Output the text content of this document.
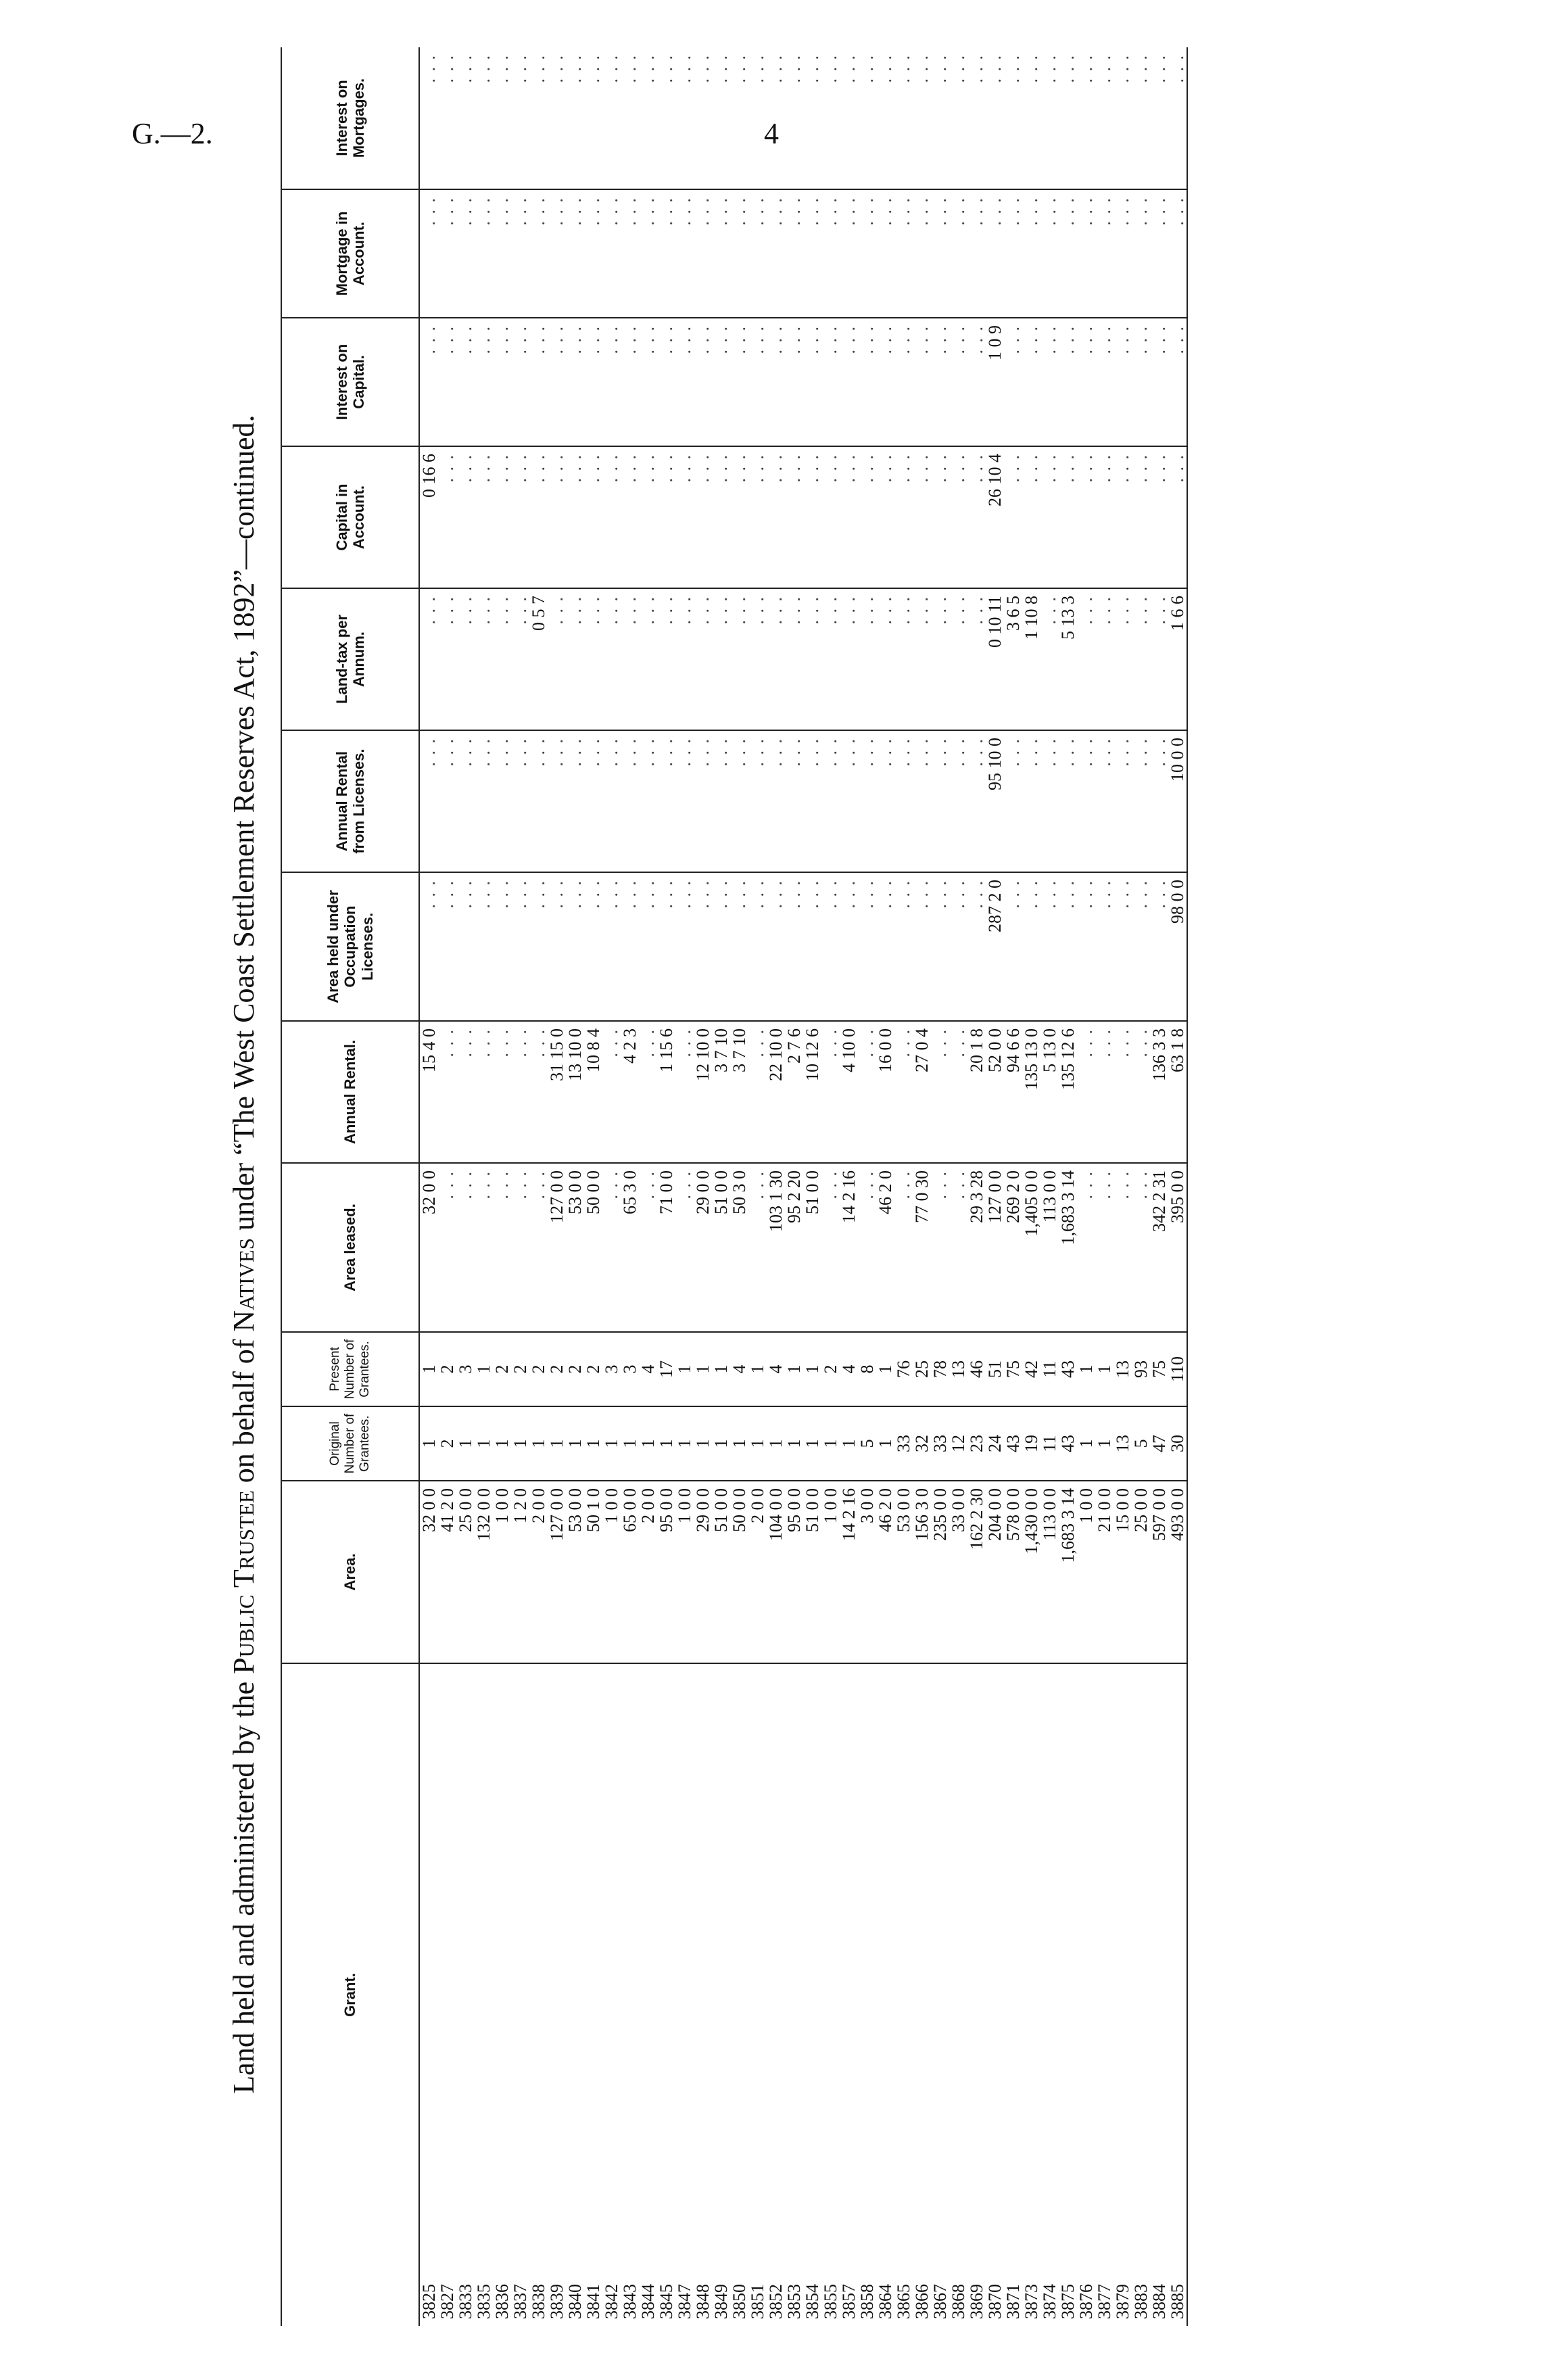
G.—2.	4
Land held and administered by the Public Trustee on behalf of Natives under “The West Coast Settlement Reserves Act, 1892”—continued.
Grant.	Area.	Original Number of Grantees.	Present Number of Grantees.	Area leased.	Annual Rental.	Area held under Occupation Licenses.	Annual Rental from Licenses.	Land-tax per Annum.	Capital in Account.	Interest on Capital.	Mortgage in Account.	Interest on Mortgages.
3825	32 0 0	1	1	32 0 0	15 4 0	. . .	. . .	. . .	0 16 6	. . .	. . .	. . .
3827	41 2 0	2	2	. . .	. . .	. . .	. . .	. . .	. . .	. . .	. . .	. . .
3833	25 0 0	1	3	. . .	. . .	. . .	. . .	. . .	. . .	. . .	. . .	. . .
3835	132 0 0	1	1	. . .	. . .	. . .	. . .	. . .	. . .	. . .	. . .	. . .
3836	1 0 0	1	2	. . .	. . .	. . .	. . .	. . .	. . .	. . .	. . .	. . .
3837	1 2 0	1	2	. . .	. . .	. . .	. . .	. . .	. . .	. . .	. . .	. . .
3838	2 0 0	1	2	. . .	. . .	. . .	. . .	0 5 7	. . .	. . .	. . .	. . .
3839	127 0 0	1	2	127 0 0	31 15 0	. . .	. . .	. . .	. . .	. . .	. . .	. . .
3840	53 0 0	1	2	53 0 0	13 10 0	. . .	. . .	. . .	. . .	. . .	. . .	. . .
3841	50 1 0	1	2	50 0 0	10 8 4	. . .	. . .	. . .	. . .	. . .	. . .	. . .
3842	1 0 0	1	3	. . .	. . .	. . .	. . .	. . .	. . .	. . .	. . .	. . .
3843	65 0 0	1	3	65 3 0	4 2 3	. . .	. . .	. . .	. . .	. . .	. . .	. . .
3844	2 0 0	1	4	. . .	. . .	. . .	. . .	. . .	. . .	. . .	. . .	. . .
3845	95 0 0	1	17	71 0 0	1 15 6	. . .	. . .	. . .	. . .	. . .	. . .	. . .
3847	1 0 0	1	1	. . .	. . .	. . .	. . .	. . .	. . .	. . .	. . .	. . .
3848	29 0 0	1	1	29 0 0	12 10 0	. . .	. . .	. . .	. . .	. . .	. . .	. . .
3849	51 0 0	1	1	51 0 0	3 7 10	. . .	. . .	. . .	. . .	. . .	. . .	. . .
3850	50 0 0	1	4	50 3 0	3 7 10	. . .	. . .	. . .	. . .	. . .	. . .	. . .
3851	2 0 0	1	1	. . .	. . .	. . .	. . .	. . .	. . .	. . .	. . .	. . .
3852	104 0 0	1	4	103 1 30	22 10 0	. . .	. . .	. . .	. . .	. . .	. . .	. . .
3853	95 0 0	1	1	95 2 20	2 7 6	. . .	. . .	. . .	. . .	. . .	. . .	. . .
3854	51 0 0	1	1	51 0 0	10 12 6	. . .	. . .	. . .	. . .	. . .	. . .	. . .
3855	1 0 0	1	2	. . .	. . .	. . .	. . .	. . .	. . .	. . .	. . .	. . .
3857	14 2 16	1	4	14 2 16	4 10 0	. . .	. . .	. . .	. . .	. . .	. . .	. . .
3858	3 0 0	5	8	. . .	. . .	. . .	. . .	. . .	. . .	. . .	. . .	. . .
3864	46 2 0	1	1	46 2 0	16 0 0	. . .	. . .	. . .	. . .	. . .	. . .	. . .
3865	53 0 0	33	76	. . .	. . .	. . .	. . .	. . .	. . .	. . .	. . .	. . .
3866	156 3 0	32	25	77 0 30	27 0 4	. . .	. . .	. . .	. . .	. . .	. . .	. . .
3867	235 0 0	33	78	. . .	. . .	. . .	. . .	. . .	. . .	. . .	. . .	. . .
3868	33 0 0	12	13	. . .	. . .	. . .	. . .	. . .	. . .	. . .	. . .	. . .
3869	162 2 30	23	46	29 3 28	20 1 8	. . .	. . .	. . .	. . .	. . .	. . .	. . .
3870	204 0 0	24	51	127 0 0	52 0 0	287 2 0	95 10 0	0 10 11	26 10 4	1 0 9	. . .	. . .
3871	578 0 0	43	75	269 2 0	94 6 6	. . .	. . .	3 6 5	. . .	. . .	. . .	. . .
3873	1,430 0 0	19	42	1,405 0 0	135 13 0	. . .	. . .	1 10 8	. . .	. . .	. . .	. . .
3874	113 0 0	11	11	113 0 0	5 13 0	. . .	. . .	. . .	. . .	. . .	. . .	. . .
3875	1,683 3 14	43	43	1,683 3 14	135 12 6	. . .	. . .	5 13 3	. . .	. . .	. . .	. . .
3876	1 0 0	1	1	. . .	. . .	. . .	. . .	. . .	. . .	. . .	. . .	. . .
3877	21 0 0	1	1	. . .	. . .	. . .	. . .	. . .	. . .	. . .	. . .	. . .
3879	15 0 0	13	13	. . .	. . .	. . .	. . .	. . .	. . .	. . .	. . .	. . .
3883	25 0 0	5	93	. . .	. . .	. . .	. . .	. . .	. . .	. . .	. . .	. . .
3884	597 0 0	47	75	342 2 31	136 3 3	. . .	. . .	. . .	. . .	. . .	. . .	. . .
3885	493 0 0	30	110	395 0 0	63 1 8	98 0 0	10 0 0	1 6 6	. . .	. . .	. . .	. . .
